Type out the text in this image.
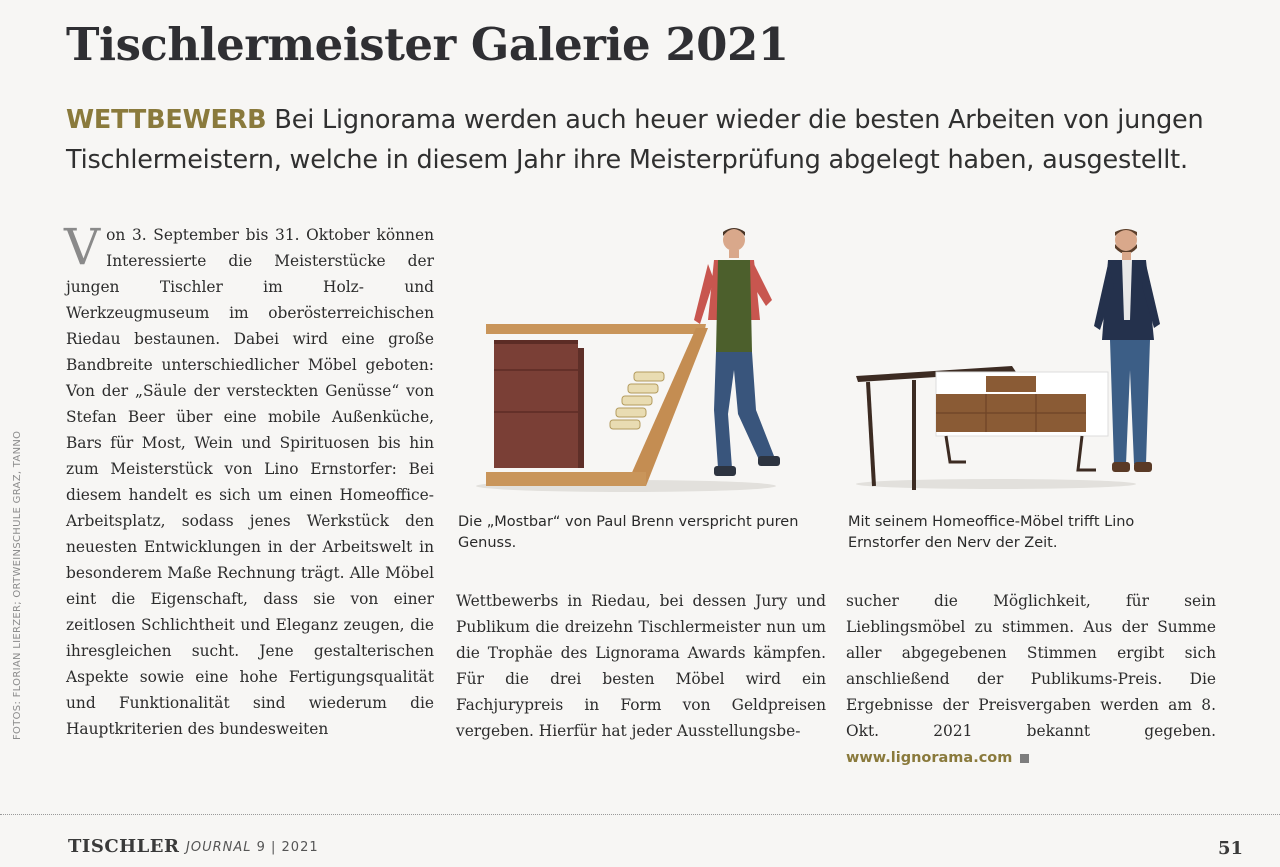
Tischlermeister Galerie 2021

WETTBEWERB Bei Lignorama werden auch heuer wieder die besten Arbeiten von jungen Tischlermeistern, welche in diesem Jahr ihre Meisterprüfung abgelegt haben, ausgestellt.

FOTOS: FLORIAN LIERZER; ORTWEINSCHULE GRAZ, TANNO
V on 3. September bis 31. Oktober können Interessierte die Meisterstücke der jungen Tischler im Holz- und Werkzeugmuseum im oberösterreichischen Riedau bestaunen. Dabei wird eine große Bandbreite unterschiedlicher Möbel geboten: Von der „Säule der versteckten Genüsse“ von Stefan Beer über eine mobile Außenküche, Bars für Most, Wein und Spirituosen bis hin zum Meisterstück von Lino Ernstorfer: Bei diesem handelt es sich um einen Homeoffice-Arbeitsplatz, sodass jenes Werkstück den neuesten Entwicklungen in der Arbeitswelt in besonderem Maße Rechnung trägt. Alle Möbel eint die Eigenschaft, dass sie von einer zeitlosen Schlichtheit und Eleganz zeugen, die ihresgleichen sucht. Jene gestalterischen Aspekte sowie eine hohe Fertigungsqualität und Funktionalität sind wiederum die Hauptkriterien des bundesweiten

Die „Mostbar“ von Paul Brenn verspricht puren Genuss.

Mit seinem Homeoffice-Möbel trifft Lino Ernstorfer den Nerv der Zeit.

Wettbewerbs in Riedau, bei dessen Jury und Publikum die dreizehn Tischlermeister nun um die Trophäe des Lignorama Awards kämpfen. Für die drei besten Möbel wird ein Fachjurypreis in Form von Geldpreisen vergeben. Hierfür hat jeder Ausstellungsbe-

sucher die Möglichkeit, für sein Lieblingsmöbel zu stimmen. Aus der Summe aller abgegebenen Stimmen ergibt sich anschließend der Publikums-Preis. Die Ergebnisse der Preisvergaben werden am 8. Okt. 2021 bekannt gegeben. www.lignorama.com

TISCHLER JOURNAL 9 | 2021	51
